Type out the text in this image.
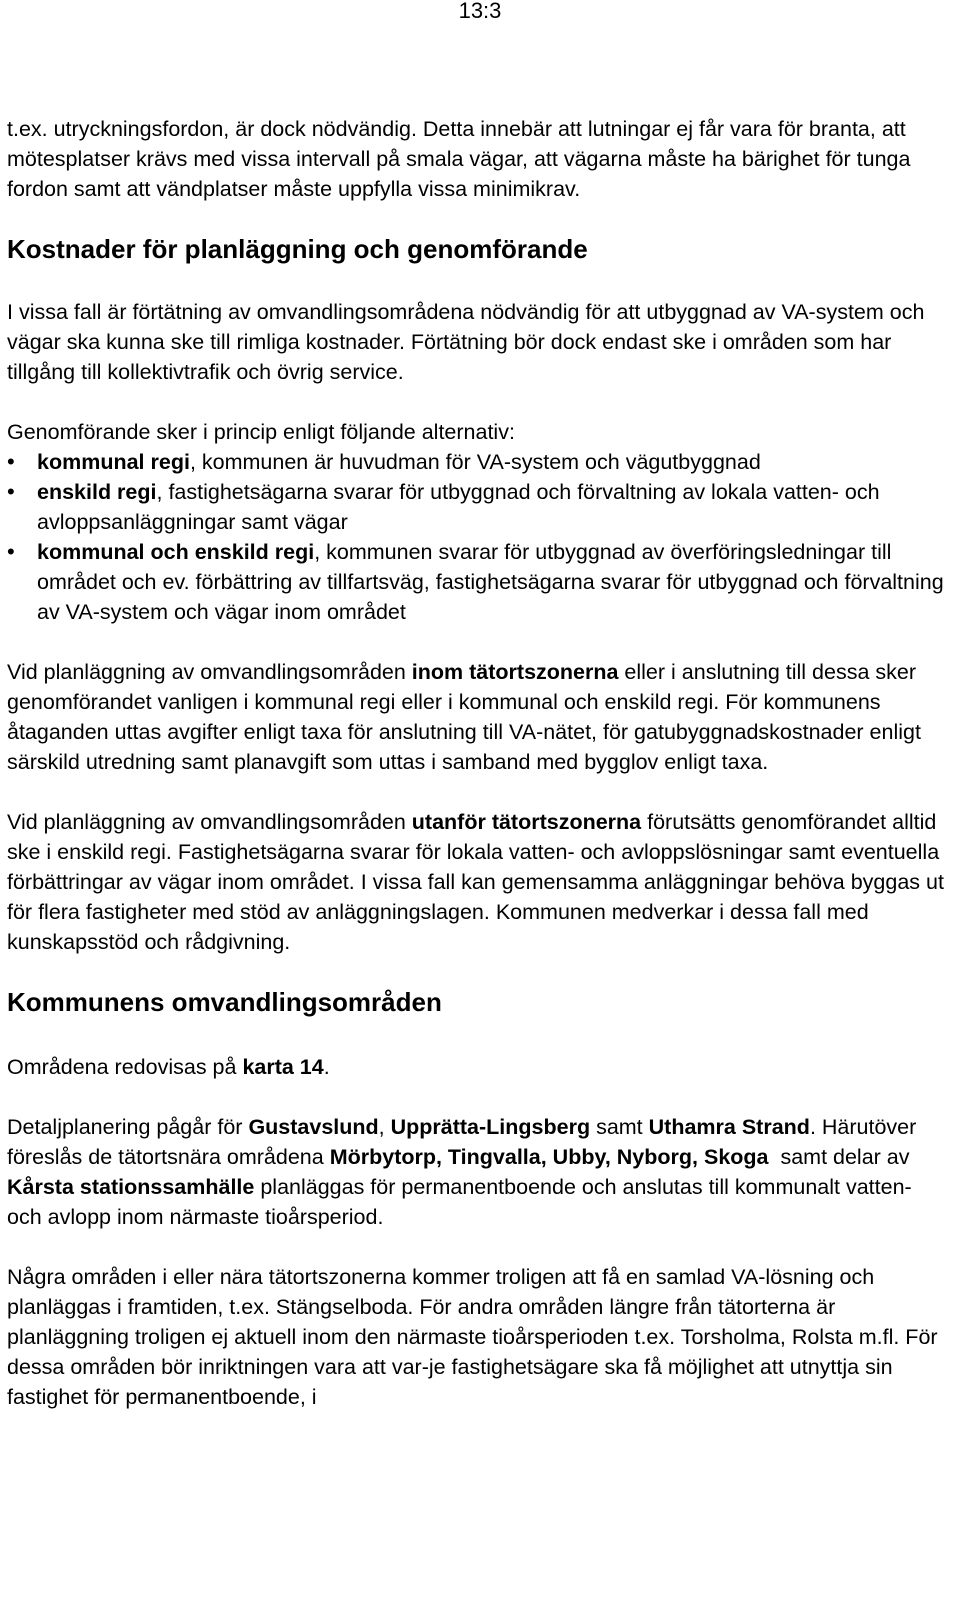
13:3

t.ex. utryckningsfordon, är dock nödvändig. Detta innebär att lutningar ej får vara för branta, att mötesplatser krävs med vissa intervall på smala vägar, att vägarna måste ha bärighet för tunga fordon samt att vändplatser måste uppfylla vissa minimikrav.

Kostnader för planläggning och genomförande

I vissa fall är förtätning av omvandlingsområdena nödvändig för att utbyggnad av VA-system och vägar ska kunna ske till rimliga kostnader. Förtätning bör dock endast ske i områden som har tillgång till kollektivtrafik och övrig service.

Genomförande sker i princip enligt följande alternativ:

•	kommunal regi, kommunen är huvudman för VA-system och vägutbyggnad
•	enskild regi, fastighetsägarna svarar för utbyggnad och förvaltning av lokala vatten- och avloppsanläggningar samt vägar
•	kommunal och enskild regi, kommunen svarar för utbyggnad av överföringsledningar till området och ev. förbättring av tillfartsväg, fastighetsägarna svarar för utbyggnad och förvaltning av VA-system och vägar inom området

Vid planläggning av omvandlingsområden inom tätortszonerna eller i anslutning till dessa sker genomförandet vanligen i kommunal regi eller i kommunal och enskild regi. För kommunens åtaganden uttas avgifter enligt taxa för anslutning till VA-nätet, för gatubyggnadskostnader enligt särskild utredning samt planavgift som uttas i samband med bygglov enligt taxa.

Vid planläggning av omvandlingsområden utanför tätortszonerna förutsätts genomförandet alltid ske i enskild regi. Fastighetsägarna svarar för lokala vatten- och avloppslösningar samt eventuella förbättringar av vägar inom området. I vissa fall kan gemensamma anläggningar behöva byggas ut för flera fastigheter med stöd av anläggningslagen. Kommunen medverkar i dessa fall med kunskapsstöd och rådgivning.

Kommunens omvandlingsområden

Områdena redovisas på karta 14.

Detaljplanering pågår för Gustavslund, Upprätta-Lingsberg samt Uthamra Strand. Härutöver föreslås de tätortsnära områdena Mörbytorp, Tingvalla, Ubby, Nyborg, Skoga  samt delar av Kårsta stationssamhälle planläggas för permanentboende och anslutas till kommunalt vatten- och avlopp inom närmaste tioårsperiod.

Några områden i eller nära tätortszonerna kommer troligen att få en samlad VA-lösning och planläggas i framtiden, t.ex. Stängselboda. För andra områden längre från tätorterna är planläggning troligen ej aktuell inom den närmaste tioårsperioden t.ex. Torsholma, Rolsta m.fl. För dessa områden bör inriktningen vara att var-je fastighetsägare ska få möjlighet att utnyttja sin fastighet för permanentboende, i
